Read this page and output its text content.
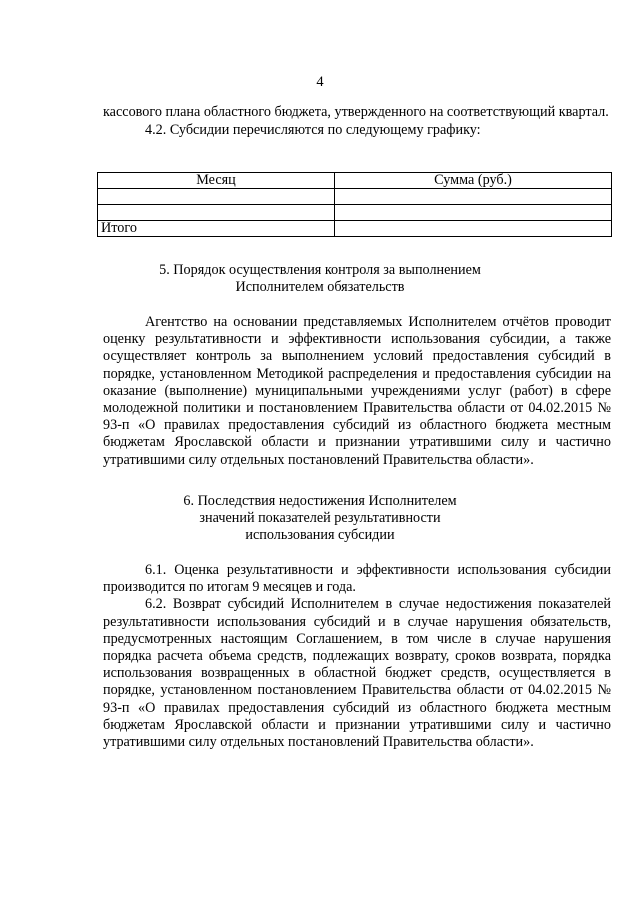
4

кассового плана областного бюджета, утвержденного на соответствующий квартал.

4.2. Субсидии перечисляются по следующему графику:

Месяц	Сумма (руб.)

Итого	
5. Порядок осуществления контроля за выполнением
Исполнителем обязательств

Агентство на основании представляемых Исполнителем отчётов проводит оценку результативности и эффективности использования субсидии, а также осуществляет контроль за выполнением условий предоставления субсидий в порядке, установленном Методикой распределения и предоставления субсидии на оказание (выполнение) муниципальными учреждениями услуг (работ) в сфере молодежной политики и постановлением Правительства области от 04.02.2015 № 93-п «О правилах предоставления субсидий из областного бюджета местным бюджетам Ярославской области и признании утратившими силу и частично утратившими силу отдельных постановлений Правительства области».

6. Последствия недостижения Исполнителем
значений показателей результативности
использования субсидии

6.1. Оценка результативности и эффективности использования субсидии производится по итогам 9 месяцев и года.

6.2. Возврат субсидий Исполнителем в случае недостижения показателей результативности использования субсидий и в случае нарушения обязательств, предусмотренных настоящим Соглашением, в том числе в случае нарушения порядка расчета объема средств, подлежащих возврату, сроков возврата, порядка использования возвращенных в областной бюджет средств, осуществляется в порядке, установленном постановлением Правительства области от 04.02.2015 № 93-п «О правилах предоставления субсидий из областного бюджета местным бюджетам Ярославской области и признании утратившими силу и частично утратившими силу отдельных постановлений Правительства области».
